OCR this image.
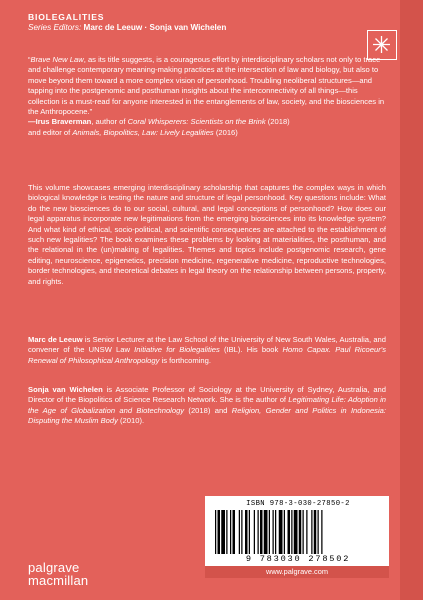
BIOLEGALITIES
Series Editors: Marc de Leeuw · Sonja van Wichelen

“Brave New Law, as its title suggests, is a courageous effort by interdisciplinary scholars not only to trace and challenge contemporary meaning-making practices at the intersection of law and biology, but also to move beyond them toward a more complex vision of personhood. Troubling neoliberal structures—and tapping into the postgenomic and posthuman insights about the interconnectivity of all things—this collection is a must-read for anyone interested in the entanglements of law, society, and the biosciences in the Anthropocene.”

—Irus Braverman, author of Coral Whisperers: Scientists on the Brink (2018)

and editor of Animals, Biopolitics, Law: Lively Legalities (2016)

This volume showcases emerging interdisciplinary scholarship that captures the complex ways in which biological knowledge is testing the nature and structure of legal personhood. Key questions include: What do the new biosciences do to our social, cultural, and legal conceptions of personhood? How does our legal apparatus incorporate new legitimations from the emerging biosciences into its knowledge system? And what kind of ethical, socio-political, and scientific consequences are attached to the establishment of such new legalities? The book examines these problems by looking at materialities, the posthuman, and the relational in the (un)making of legalities. Themes and topics include postgenomic research, gene editing, neuroscience, epigenetics, precision medicine, regenerative medicine, reproductive technologies, border technologies, and theoretical debates in legal theory on the relationship between persons, property, and rights.

Marc de Leeuw is Senior Lecturer at the Law School of the University of New South Wales, Australia, and convener of the UNSW Law Initiative for Biolegalities (IBL). His book Homo Capax. Paul Ricoeur's Renewal of Philosophical Anthropology is forthcoming.

Sonja van Wichelen is Associate Professor of Sociology at the University of Sydney, Australia, and Director of the Biopolitics of Science Research Network. She is the author of Legitimating Life: Adoption in the Age of Globalization and Biotechnology (2018) and Religion, Gender and Politics in Indonesia: Disputing the Muslim Body (2010).

ISBN 978-3-030-27850-2
9 783030 278502
www.palgrave.com
palgrave
macmillan
